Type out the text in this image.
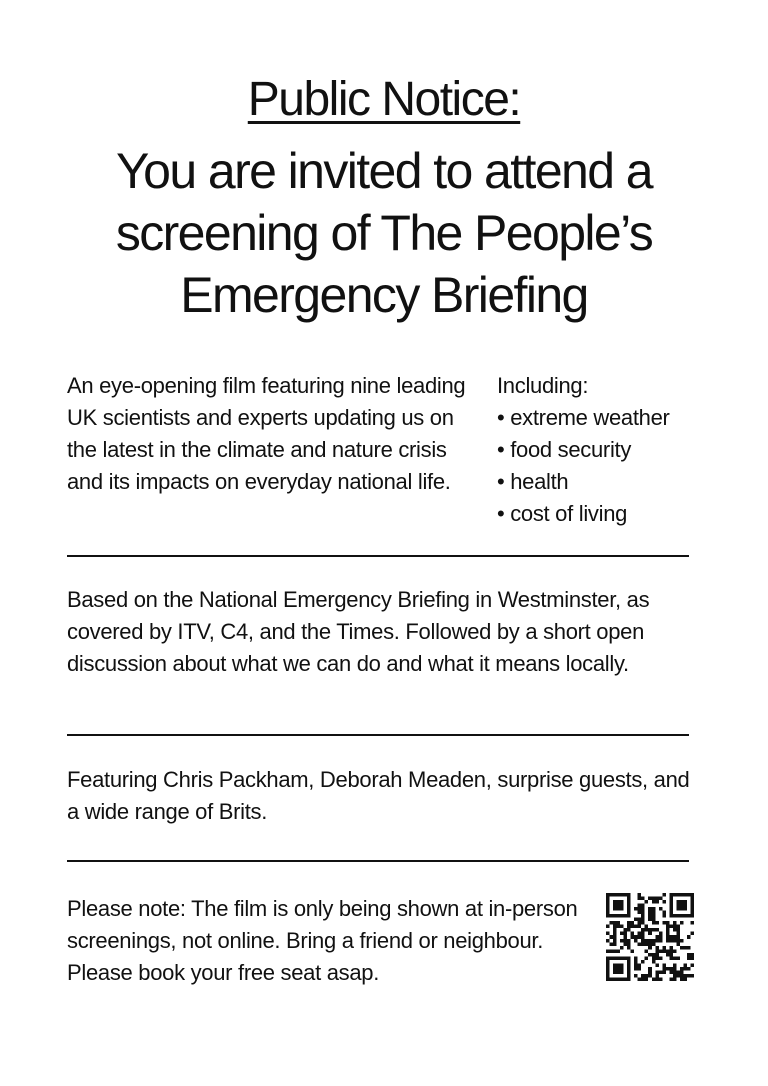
Public Notice:
You are invited to attend a screening of The People’s Emergency Briefing
An eye-opening film featuring nine leading UK scientists and experts updating us on the latest in the climate and nature crisis and its impacts on everyday national life.
Including:
• extreme weather
• food security
• health
• cost of living
Based on the National Emergency Briefing in Westminster, as covered by ITV, C4, and the Times. Followed by a short open discussion about what we can do and what it means locally.
Featuring Chris Packham, Deborah Meaden, surprise guests, and a wide range of Brits.
Please note: The film is only being shown at in-person screenings, not online. Bring a friend or neighbour. Please book your free seat asap.
